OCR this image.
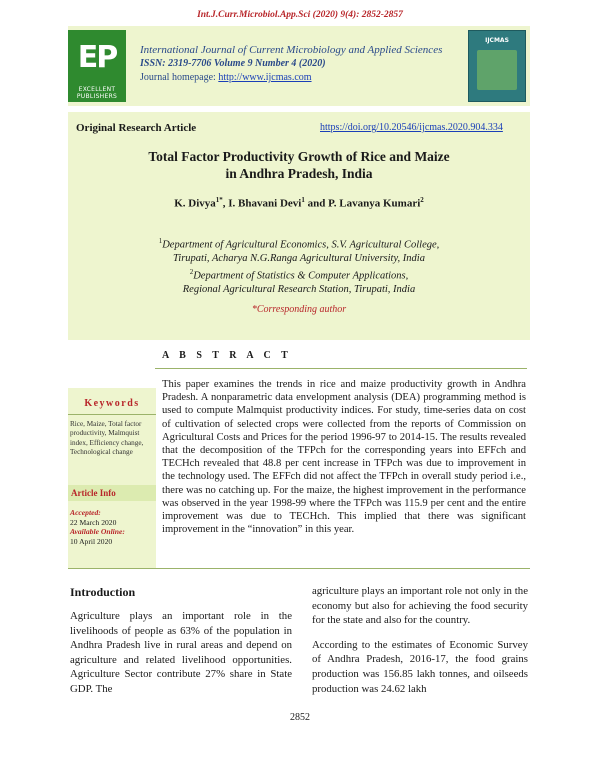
Int.J.Curr.Microbiol.App.Sci (2020) 9(4): 2852-2857
EP
EXCELLENT PUBLISHERS
International Journal of Current Microbiology and Applied Sciences
ISSN: 2319-7706 Volume 9 Number 4 (2020)
Journal homepage: http://www.ijcmas.com
IJCMAS
Original Research Article	https://doi.org/10.20546/ijcmas.2020.904.334
Total Factor Productivity Growth of Rice and Maize
in Andhra Pradesh, India
K. Divya$^{1*}$, I. Bhavani Devi$^1$ and P. Lavanya Kumari$^2$
$^1$Department of Agricultural Economics, S.V. Agricultural College,
Tirupati, Acharya N.G.Ranga Agricultural University, India
$^2$Department of Statistics & Computer Applications,
Regional Agricultural Research Station, Tirupati, India
*Corresponding author
A B S T R A C T
Keywords
Rice, Maize, Total factor productivity, Malmquist index, Efficiency change, Technological change
Article Info
Accepted:
22 March 2020
Available Online:
10 April 2020
This paper examines the trends in rice and maize productivity growth in Andhra Pradesh. A nonparametric data envelopment analysis (DEA) programming method is used to compute Malmquist productivity indices. For study, time-series data on cost of cultivation of selected crops were collected from the reports of Commission on Agricultural Costs and Prices for the period 1996-97 to 2014-15. The results revealed that the decomposition of the TFPch for the corresponding years into EFFch and TECHch revealed that 48.8 per cent increase in TFPch was due to improvement in the technology used. The EFFch did not affect the TFPch in overall study period i.e., there was no catching up. For the maize, the highest improvement in the performance was observed in the year 1998-99 where the TFPch was 115.9 per cent and the entire improvement was due to TECHch. This implied that there was significant improvement in the “innovation” in this year.
Introduction
Agriculture plays an important role in the livelihoods of people as 63% of the population in Andhra Pradesh live in rural areas and depend on agriculture and related livelihood opportunities. Agriculture Sector contribute 27% share in State GDP. The

agriculture plays an important role not only in the economy but also for achieving the food security for the state and also for the country.

According to the estimates of Economic Survey of Andhra Pradesh, 2016-17, the food grains production was 156.85 lakh tonnes, and oilseeds production was 24.62 lakh

2852
